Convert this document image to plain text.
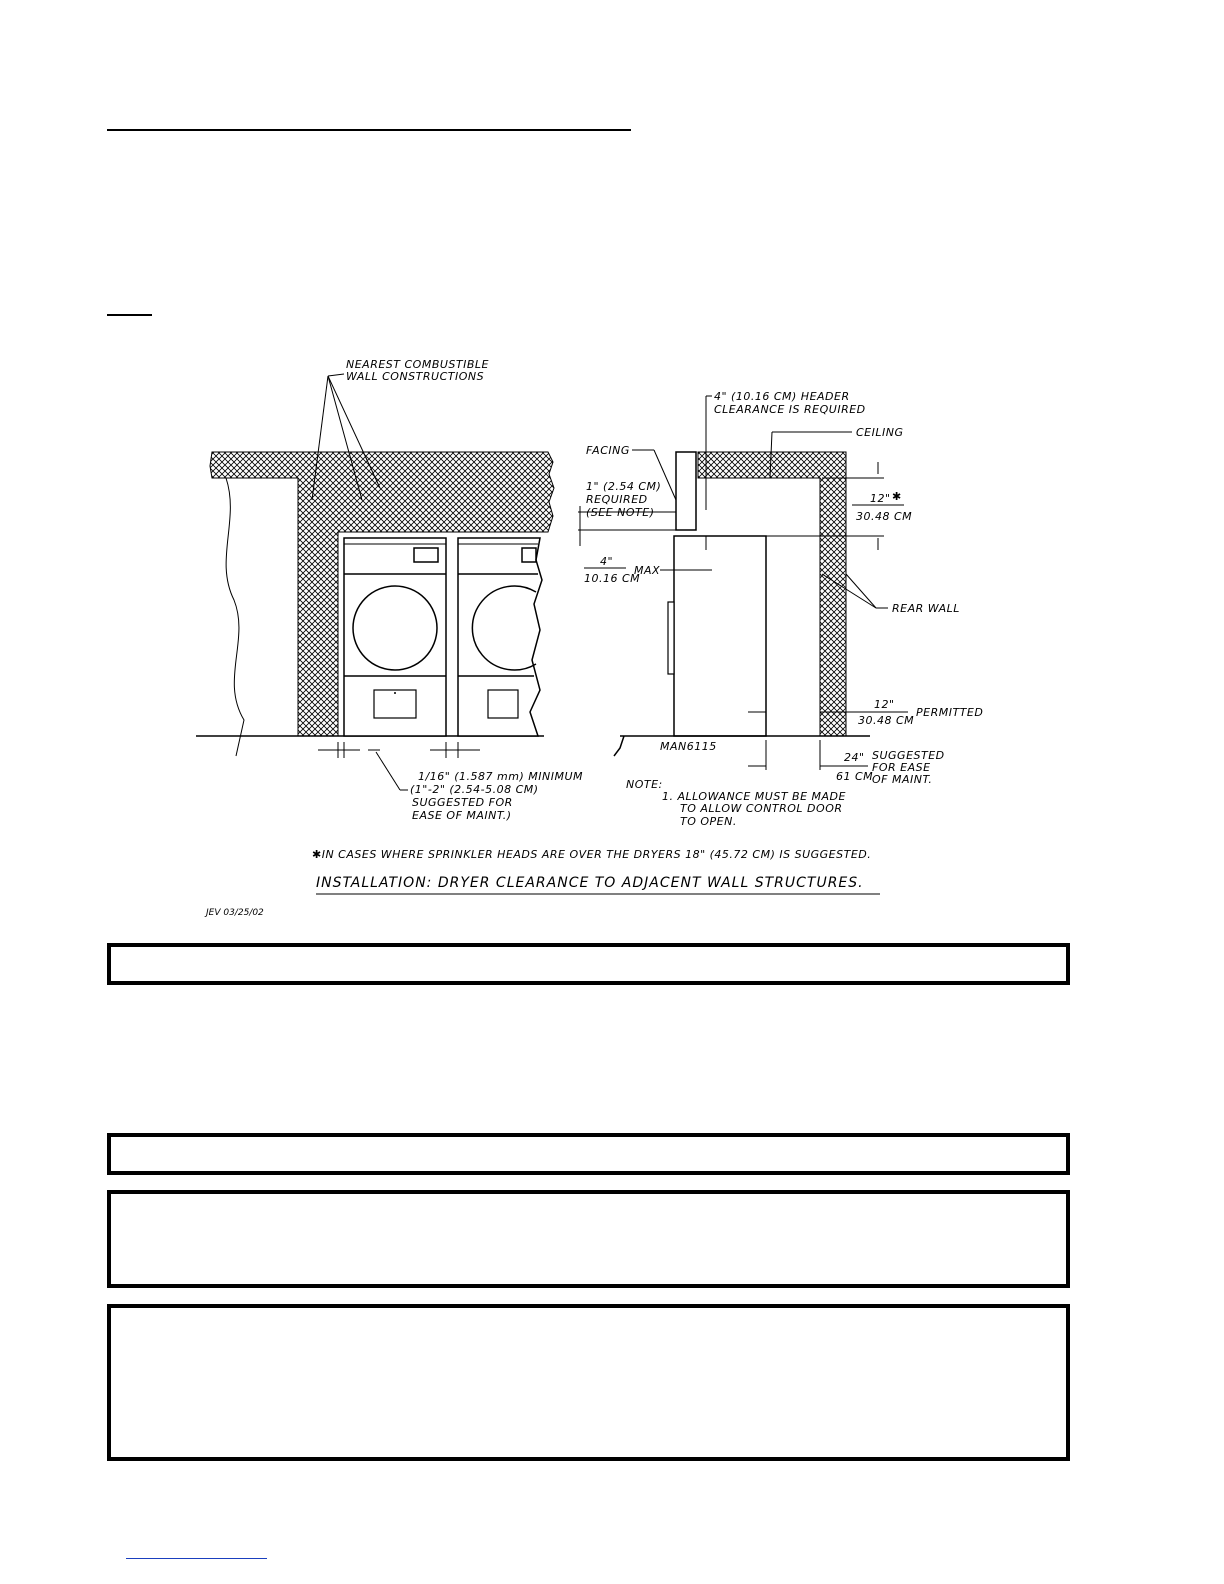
NEAREST COMBUSTIBLE
WALL CONSTRUCTIONS
4" (10.16 CM) HEADER
CLEARANCE IS REQUIRED
CEILING
FACING
1" (2.54 CM)
REQUIRED
(SEE NOTE)
12" ✱
30.48 CM
4"
10.16 CM
MAX
REAR WALL
12"
30.48 CM
PERMITTED
MAN6115
24"
61 CM
SUGGESTED
FOR EASE
OF MAINT.
1/16" (1.587 mm) MINIMUM
(1"-2" (2.54-5.08 CM)
SUGGESTED FOR
EASE OF MAINT.)
NOTE:
1. ALLOWANCE MUST BE MADE
TO ALLOW CONTROL DOOR
TO OPEN.
✱IN CASES WHERE SPRINKLER HEADS ARE OVER THE DRYERS 18" (45.72 CM) IS SUGGESTED.
INSTALLATION: DRYER CLEARANCE TO ADJACENT WALL STRUCTURES.
JEV 03/25/02
